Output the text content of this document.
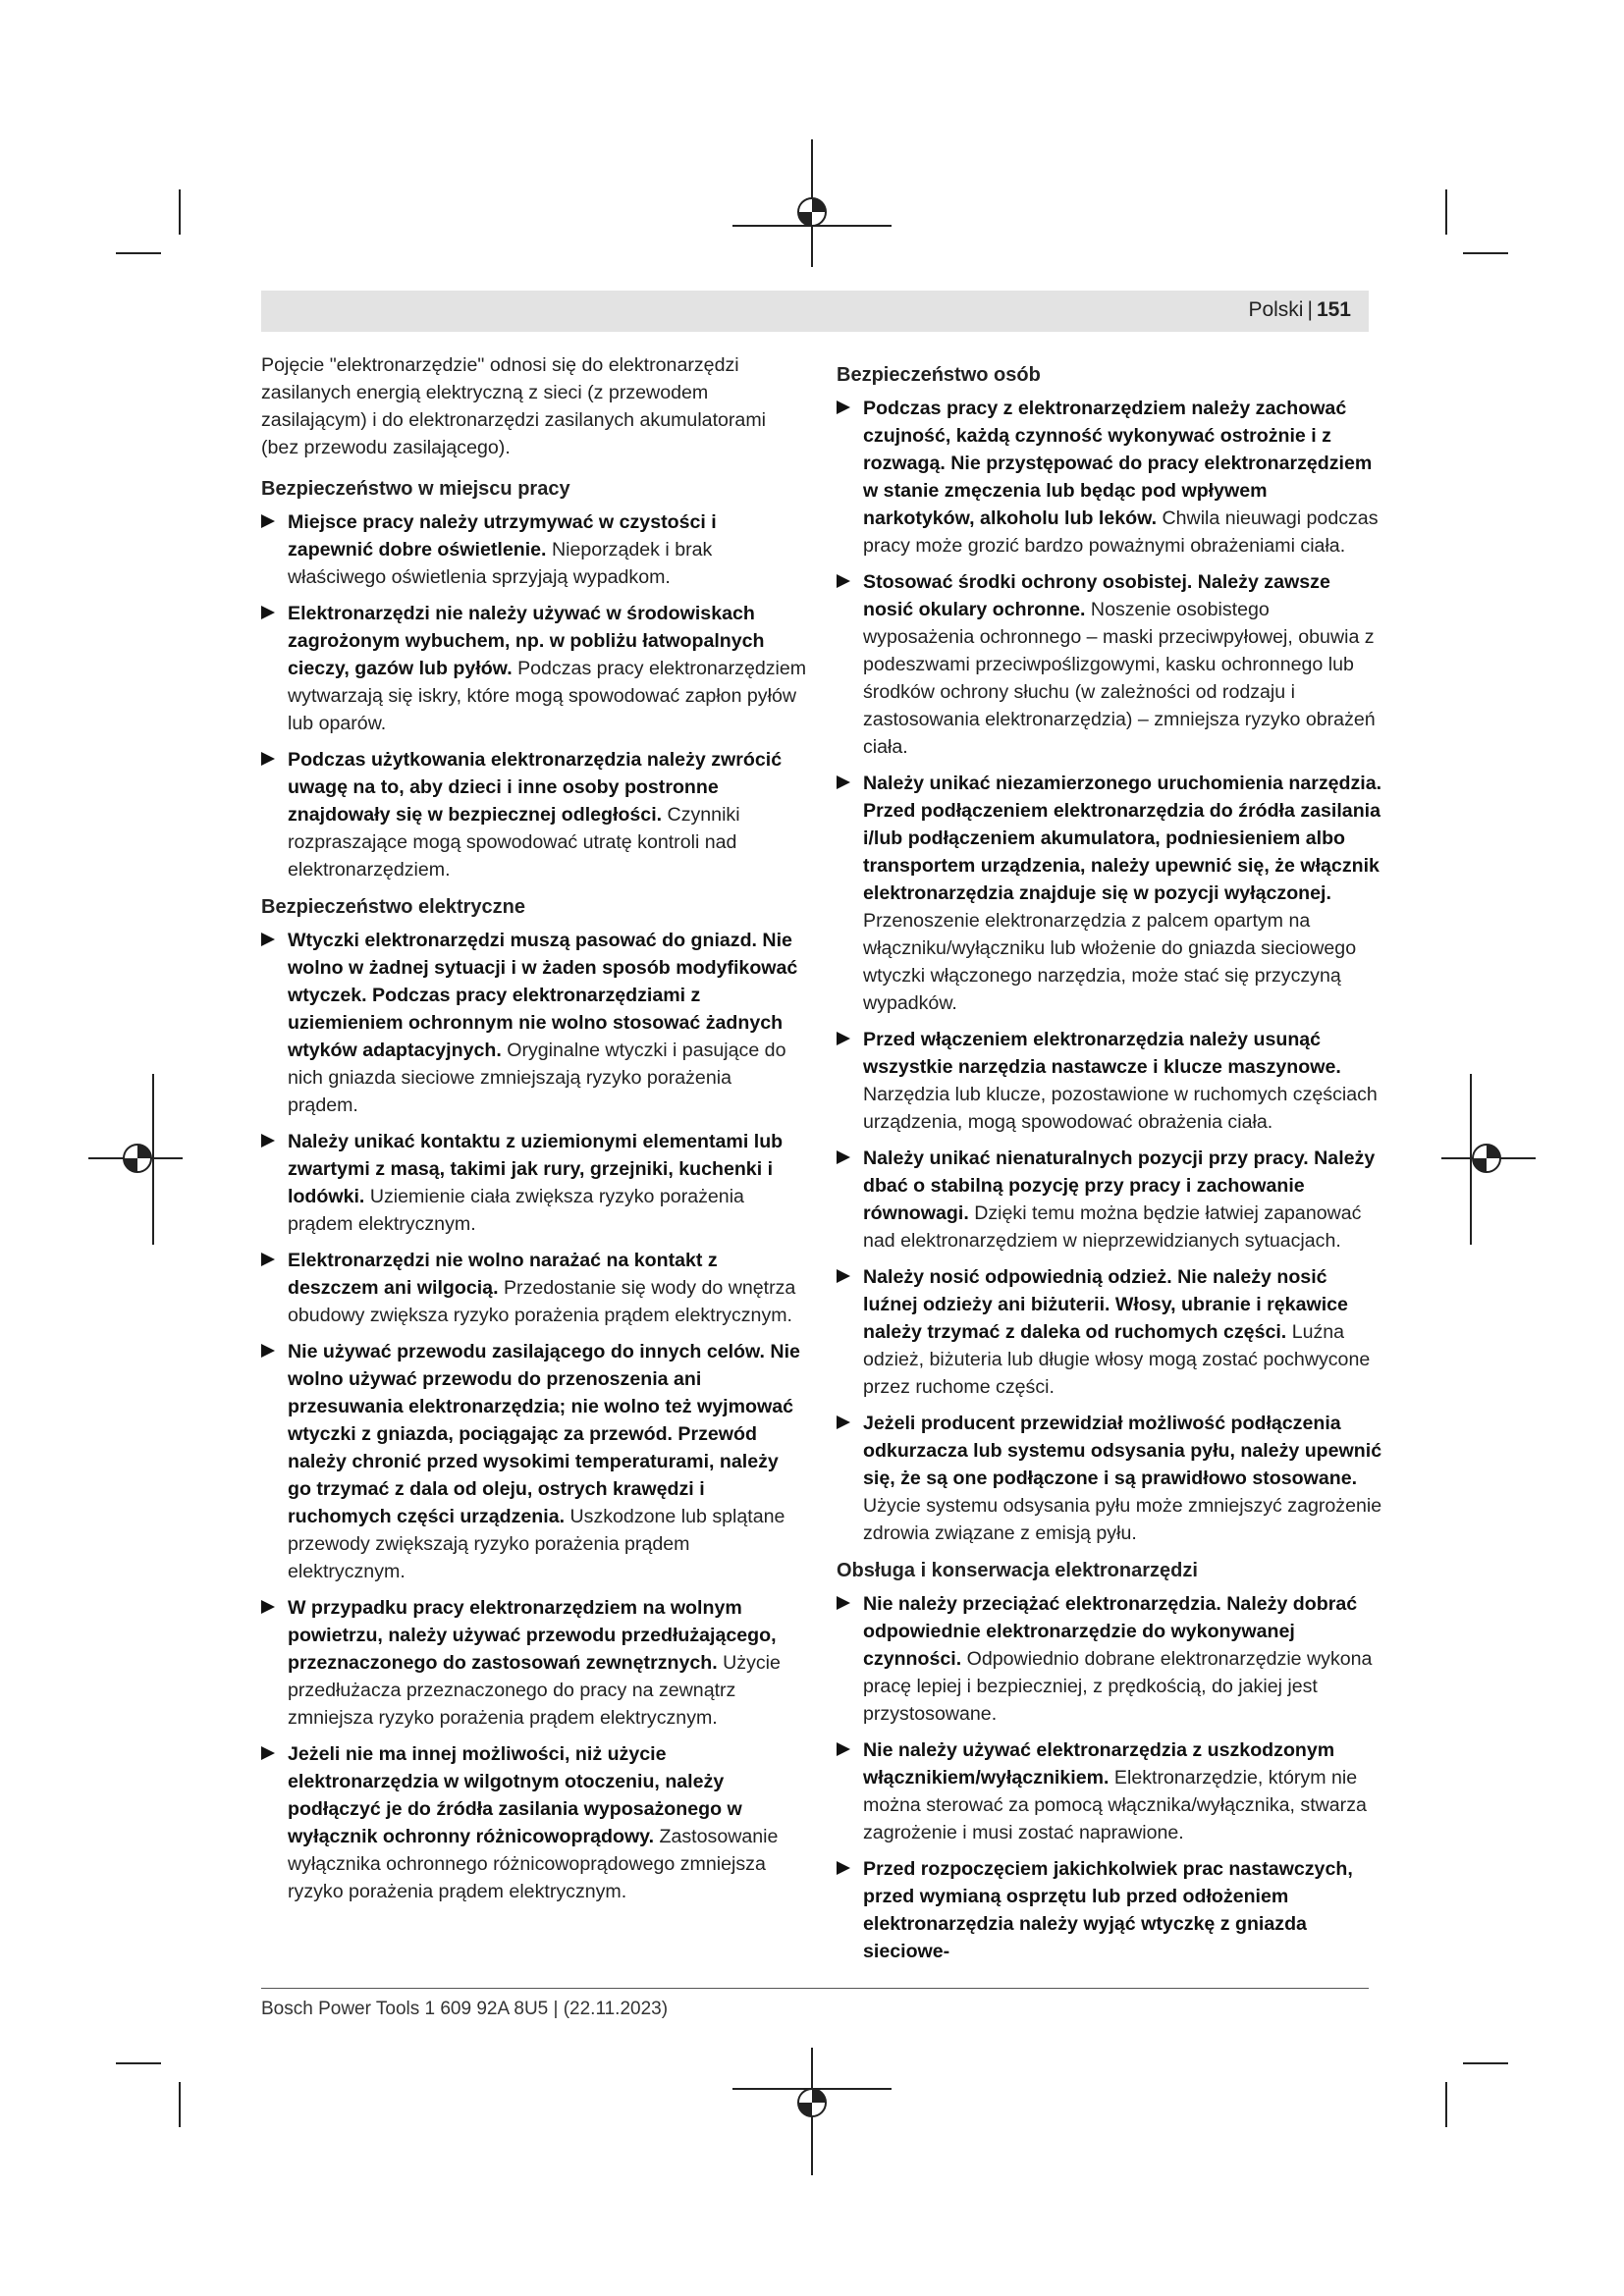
Polski | 151

Pojęcie "elektronarzędzie" odnosi się do elektronarzędzi zasilanych energią elektryczną z sieci (z przewodem zasilającym) i do elektronarzędzi zasilanych akumulatorami (bez przewodu zasilającego).

Bezpieczeństwo w miejscu pracy
Miejsce pracy należy utrzymywać w czystości i zapewnić dobre oświetlenie. Nieporządek i brak właściwego oświetlenia sprzyjają wypadkom.
Elektronarzędzi nie należy używać w środowiskach zagrożonym wybuchem, np. w pobliżu łatwopalnych cieczy, gazów lub pyłów. Podczas pracy elektronarzędziem wytwarzają się iskry, które mogą spowodować zapłon pyłów lub oparów.
Podczas użytkowania elektronarzędzia należy zwrócić uwagę na to, aby dzieci i inne osoby postronne znajdowały się w bezpiecznej odległości. Czynniki rozpraszające mogą spowodować utratę kontroli nad elektronarzędziem.
Bezpieczeństwo elektryczne
Wtyczki elektronarzędzi muszą pasować do gniazd. Nie wolno w żadnej sytuacji i w żaden sposób modyfikować wtyczek. Podczas pracy elektronarzędziami z uziemieniem ochronnym nie wolno stosować żadnych wtyków adaptacyjnych. Oryginalne wtyczki i pasujące do nich gniazda sieciowe zmniejszają ryzyko porażenia prądem.
Należy unikać kontaktu z uziemionymi elementami lub zwartymi z masą, takimi jak rury, grzejniki, kuchenki i lodówki. Uziemienie ciała zwiększa ryzyko porażenia prądem elektrycznym.
Elektronarzędzi nie wolno narażać na kontakt z deszczem ani wilgocią. Przedostanie się wody do wnętrza obudowy zwiększa ryzyko porażenia prądem elektrycznym.
Nie używać przewodu zasilającego do innych celów. Nie wolno używać przewodu do przenoszenia ani przesuwania elektronarzędzia; nie wolno też wyjmować wtyczki z gniazda, pociągając za przewód. Przewód należy chronić przed wysokimi temperaturami, należy go trzymać z dala od oleju, ostrych krawędzi i ruchomych części urządzenia. Uszkodzone lub splątane przewody zwiększają ryzyko porażenia prądem elektrycznym.
W przypadku pracy elektronarzędziem na wolnym powietrzu, należy używać przewodu przedłużającego, przeznaczonego do zastosowań zewnętrznych. Użycie przedłużacza przeznaczonego do pracy na zewnątrz zmniejsza ryzyko porażenia prądem elektrycznym.
Jeżeli nie ma innej możliwości, niż użycie elektronarzędzia w wilgotnym otoczeniu, należy podłączyć je do źródła zasilania wyposażonego w wyłącznik ochronny różnicowoprądowy. Zastosowanie wyłącznika ochronnego różnicowoprądowego zmniejsza ryzyko porażenia prądem elektrycznym.
Bezpieczeństwo osób
Podczas pracy z elektronarzędziem należy zachować czujność, każdą czynność wykonywać ostrożnie i z rozwagą. Nie przystępować do pracy elektronarzędziem w stanie zmęczenia lub będąc pod wpływem narkotyków, alkoholu lub leków. Chwila nieuwagi podczas pracy może grozić bardzo poważnymi obrażeniami ciała.
Stosować środki ochrony osobistej. Należy zawsze nosić okulary ochronne. Noszenie osobistego wyposażenia ochronnego – maski przeciwpyłowej, obuwia z podeszwami przeciwpoślizgowymi, kasku ochronnego lub środków ochrony słuchu (w zależności od rodzaju i zastosowania elektronarzędzia) – zmniejsza ryzyko obrażeń ciała.
Należy unikać niezamierzonego uruchomienia narzędzia. Przed podłączeniem elektronarzędzia do źródła zasilania i/lub podłączeniem akumulatora, podniesieniem albo transportem urządzenia, należy upewnić się, że włącznik elektronarzędzia znajduje się w pozycji wyłączonej. Przenoszenie elektronarzędzia z palcem opartym na włączniku/wyłączniku lub włożenie do gniazda sieciowego wtyczki włączonego narzędzia, może stać się przyczyną wypadków.
Przed włączeniem elektronarzędzia należy usunąć wszystkie narzędzia nastawcze i klucze maszynowe. Narzędzia lub klucze, pozostawione w ruchomych częściach urządzenia, mogą spowodować obrażenia ciała.
Należy unikać nienaturalnych pozycji przy pracy. Należy dbać o stabilną pozycję przy pracy i zachowanie równowagi. Dzięki temu można będzie łatwiej zapanować nad elektronarzędziem w nieprzewidzianych sytuacjach.
Należy nosić odpowiednią odzież. Nie należy nosić luźnej odzieży ani biżuterii. Włosy, ubranie i rękawice należy trzymać z daleka od ruchomych części. Luźna odzież, biżuteria lub długie włosy mogą zostać pochwycone przez ruchome części.
Jeżeli producent przewidział możliwość podłączenia odkurzacza lub systemu odsysania pyłu, należy upewnić się, że są one podłączone i są prawidłowo stosowane. Użycie systemu odsysania pyłu może zmniejszyć zagrożenie zdrowia związane z emisją pyłu.
Obsługa i konserwacja elektronarzędzi
Nie należy przeciążać elektronarzędzia. Należy dobrać odpowiednie elektronarzędzie do wykonywanej czynności. Odpowiednio dobrane elektronarzędzie wykona pracę lepiej i bezpieczniej, z prędkością, do jakiej jest przystosowane.
Nie należy używać elektronarzędzia z uszkodzonym włącznikiem/wyłącznikiem. Elektronarzędzie, którym nie można sterować za pomocą włącznika/wyłącznika, stwarza zagrożenie i musi zostać naprawione.
Przed rozpoczęciem jakichkolwiek prac nastawczych, przed wymianą osprzętu lub przed odłożeniem elektronarzędzia należy wyjąć wtyczkę z gniazda sieciowe-
Bosch Power Tools 1 609 92A 8U5 | (22.11.2023)
